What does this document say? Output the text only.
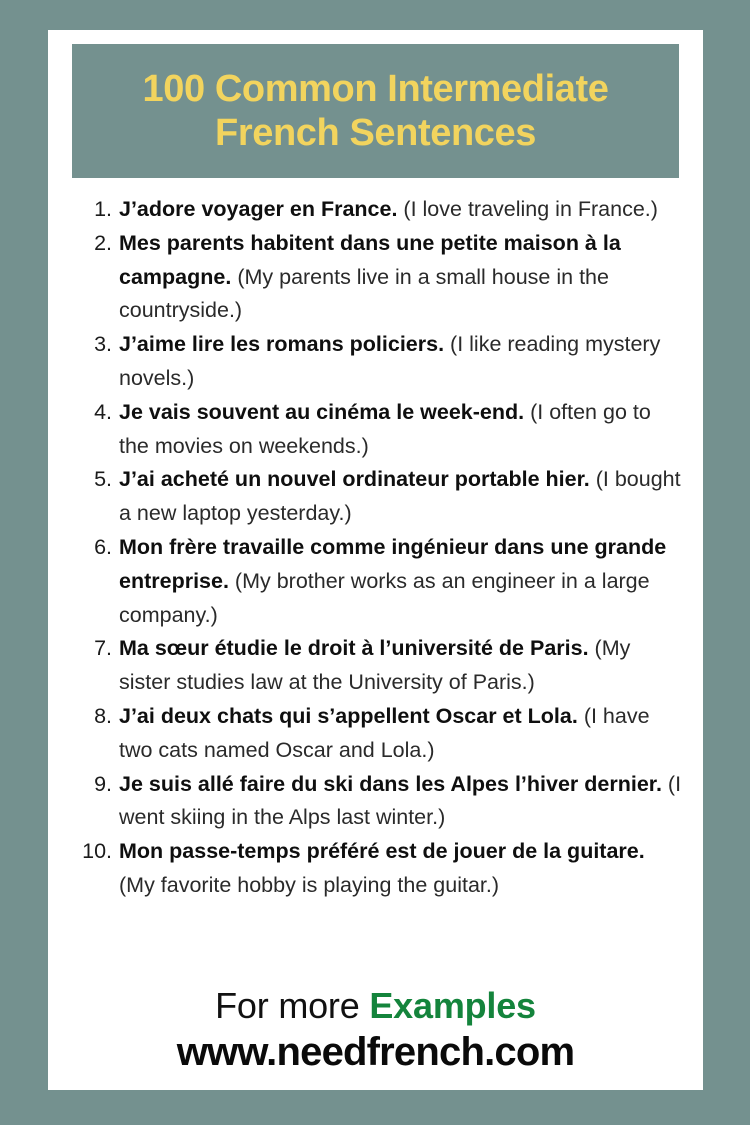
100 Common Intermediate
French Sentences
1. J’adore voyager en France. (I love traveling in France.)
2. Mes parents habitent dans une petite maison à la campagne. (My parents live in a small house in the countryside.)
3. J’aime lire les romans policiers. (I like reading mystery novels.)
4. Je vais souvent au cinéma le week-end. (I often go to the movies on weekends.)
5. J’ai acheté un nouvel ordinateur portable hier. (I bought a new laptop yesterday.)
6. Mon frère travaille comme ingénieur dans une grande entreprise. (My brother works as an engineer in a large company.)
7. Ma sœur étudie le droit à l’université de Paris. (My sister studies law at the University of Paris.)
8. J’ai deux chats qui s’appellent Oscar et Lola. (I have two cats named Oscar and Lola.)
9. Je suis allé faire du ski dans les Alpes l’hiver dernier. (I went skiing in the Alps last winter.)
10. Mon passe-temps préféré est de jouer de la guitare. (My favorite hobby is playing the guitar.)
For more Examples
www.needfrench.com
